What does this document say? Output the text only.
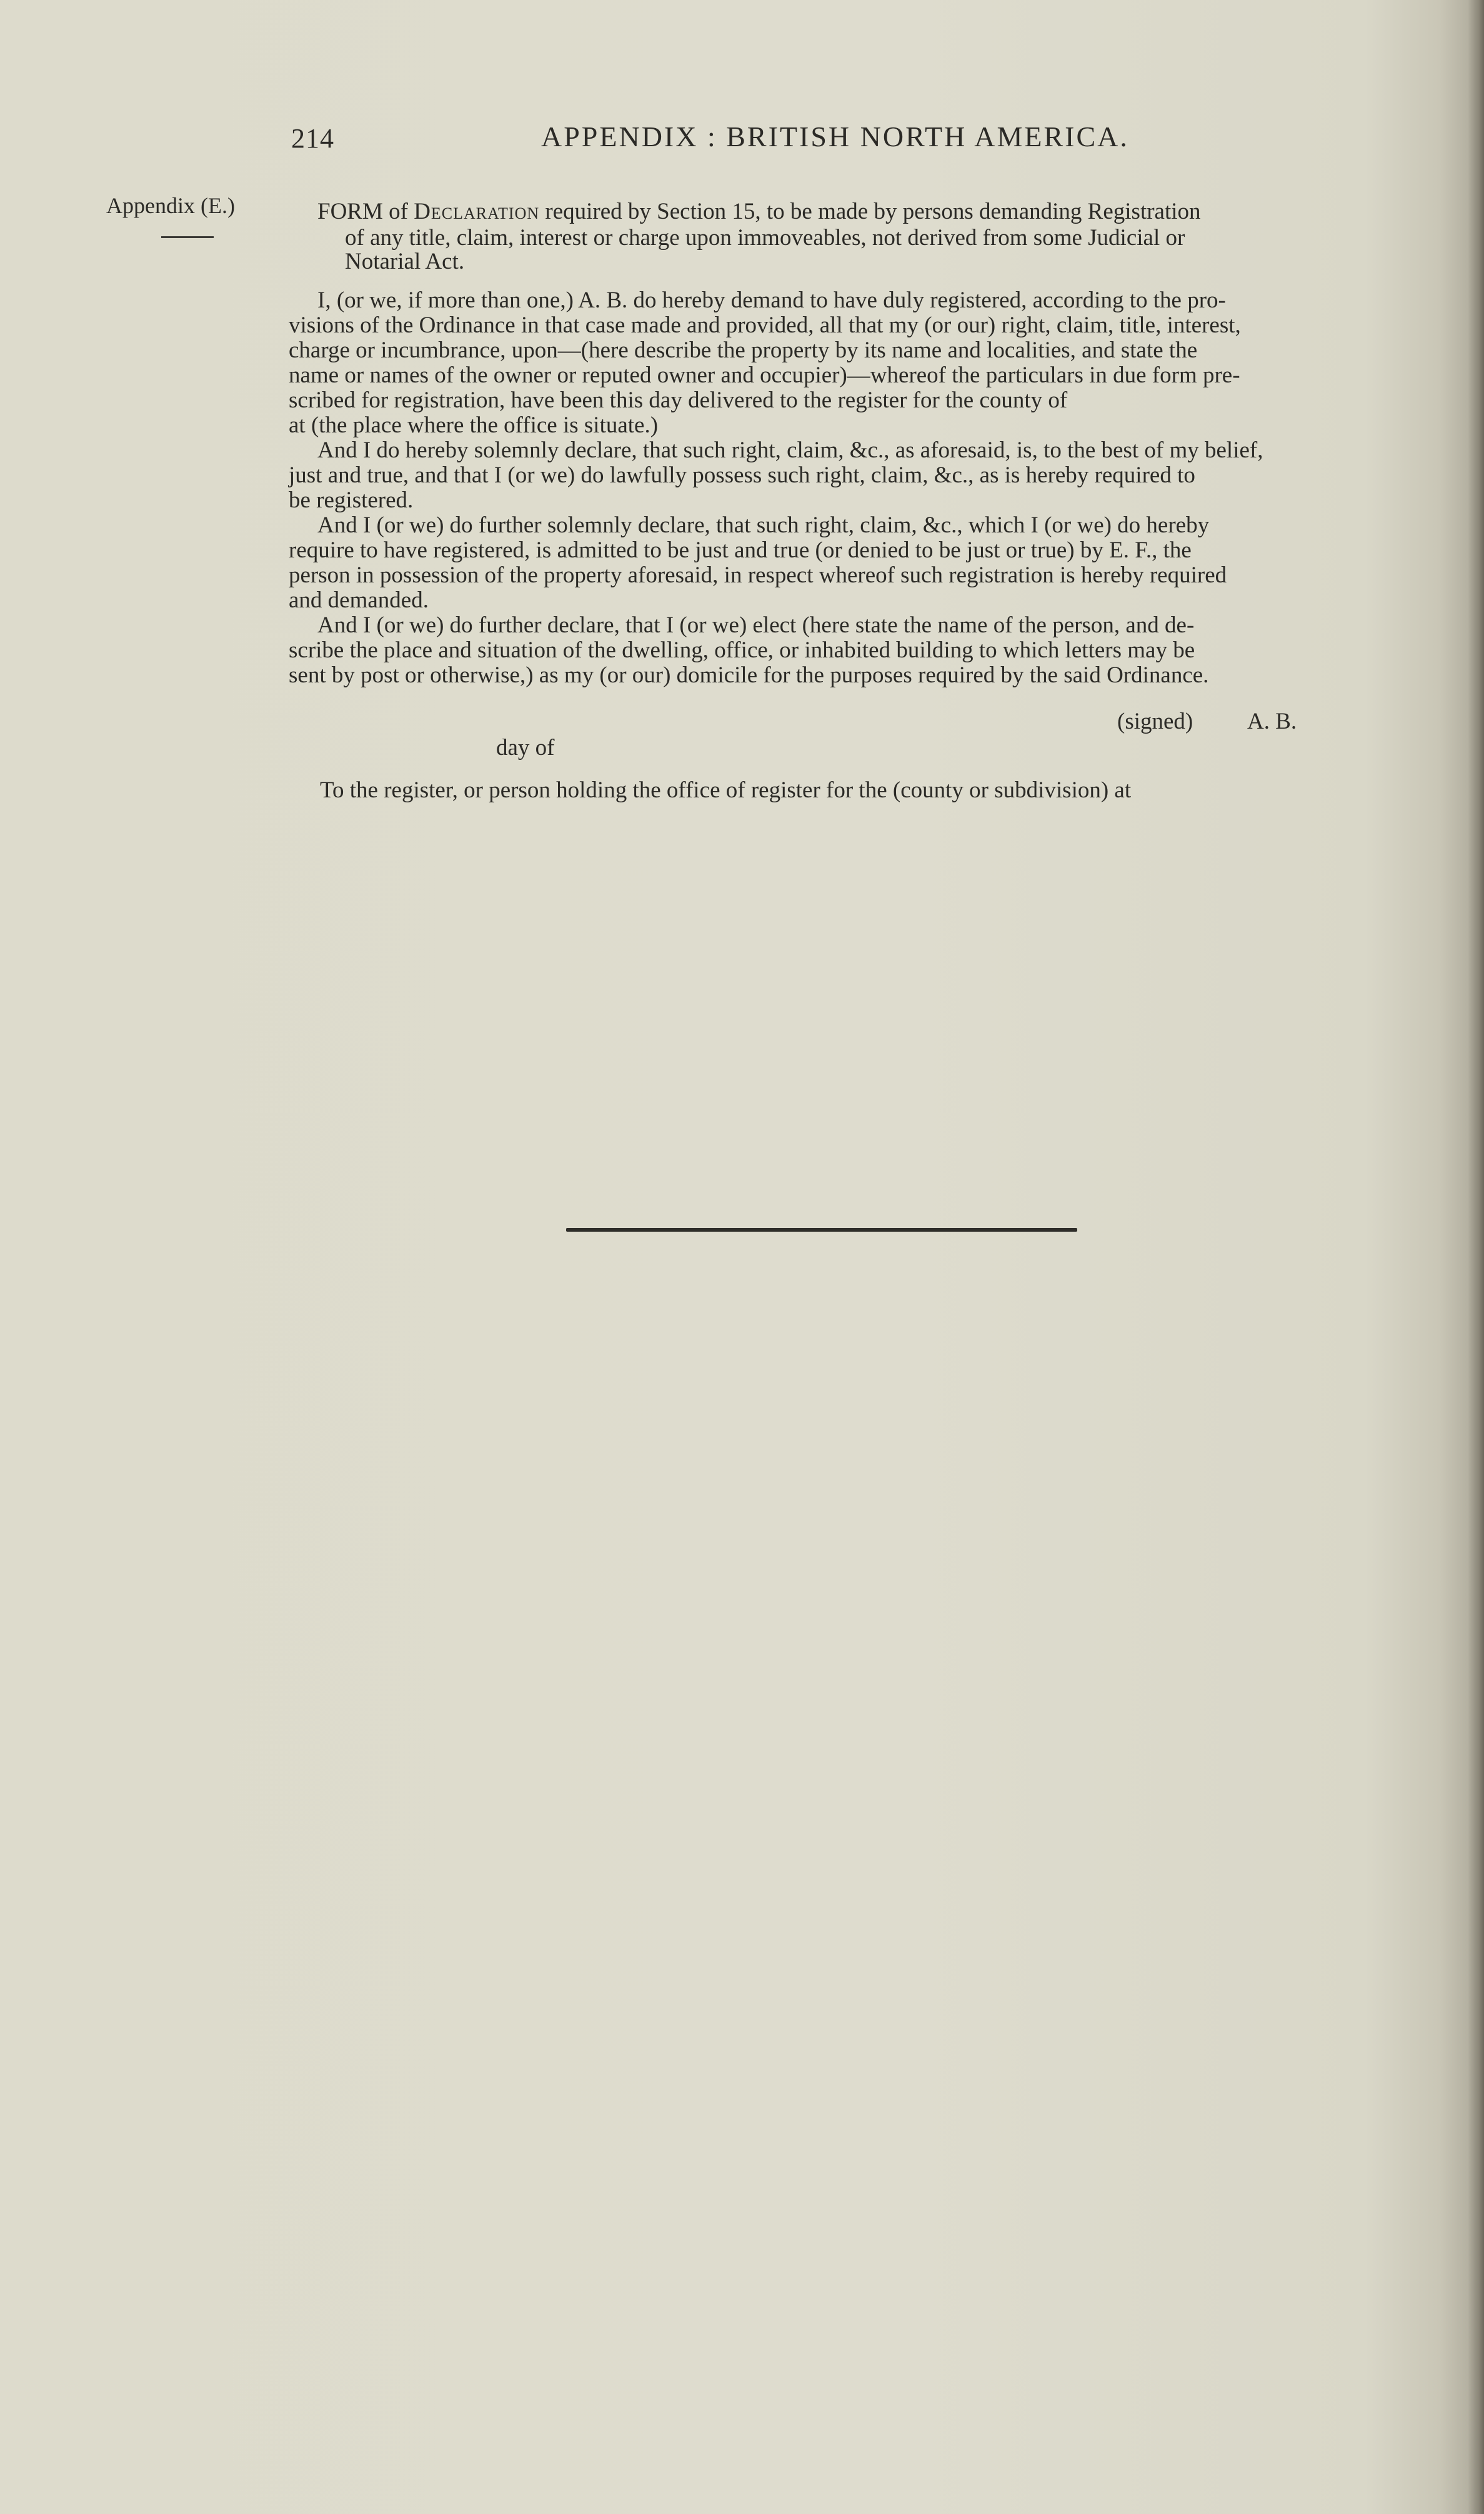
214	APPENDIX : BRITISH NORTH AMERICA.
Appendix (E.)	FORM of Declaration required by Section 15, to be made by persons demanding Registration
of any title, claim, interest or charge upon immoveables, not derived from some Judicial or
Notarial Act.
I, (or we, if more than one,) A. B. do hereby demand to have duly registered, according to the pro-
visions of the Ordinance in that case made and provided, all that my (or our) right, claim, title, interest,
charge or incumbrance, upon—(here describe the property by its name and localities, and state the
name or names of the owner or reputed owner and occupier)—whereof the particulars in due form pre-
scribed for registration, have been this day delivered to the register for the county of
at (the place where the office is situate.)
And I do hereby solemnly declare, that such right, claim, &c., as aforesaid, is, to the best of my belief,
just and true, and that I (or we) do lawfully possess such right, claim, &c., as is hereby required to
be registered.
And I (or we) do further solemnly declare, that such right, claim, &c., which I (or we) do hereby
require to have registered, is admitted to be just and true (or denied to be just or true) by E. F., the
person in possession of the property aforesaid, in respect whereof such registration is hereby required
and demanded.
And I (or we) do further declare, that I (or we) elect (here state the name of the person, and de-
scribe the place and situation of the dwelling, office, or inhabited building to which letters may be
sent by post or otherwise,) as my (or our) domicile for the purposes required by the said Ordinance.
(signed) A. B.
day of
To the register, or person holding the office of register for the (county or subdivision) at
